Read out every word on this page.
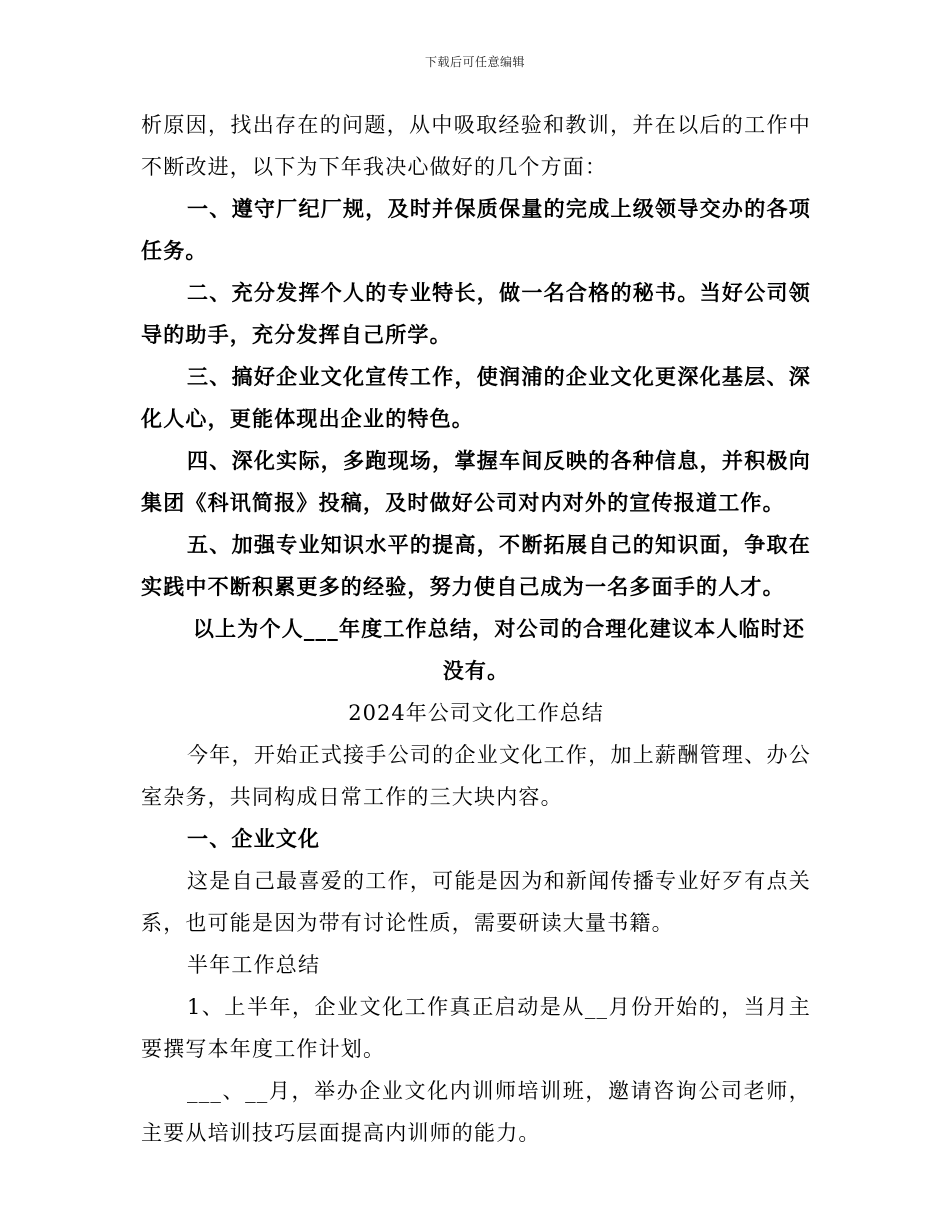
下载后可任意编辑

析原因，找出存在的问题，从中吸取经验和教训，并在以后的工作中不断改进，以下为下年我决心做好的几个方面：

一、遵守厂纪厂规，及时并保质保量的完成上级领导交办的各项任务。

二、充分发挥个人的专业特长，做一名合格的秘书。当好公司领导的助手，充分发挥自己所学。

三、搞好企业文化宣传工作，使润浦的企业文化更深化基层、深化人心，更能体现出企业的特色。

四、深化实际，多跑现场，掌握车间反映的各种信息，并积极向集团《科讯简报》投稿，及时做好公司对内对外的宣传报道工作。

五、加强专业知识水平的提高，不断拓展自己的知识面，争取在实践中不断积累更多的经验，努力使自己成为一名多面手的人才。

以上为个人___年度工作总结，对公司的合理化建议本人临时还没有。

2024年公司文化工作总结

今年，开始正式接手公司的企业文化工作，加上薪酬管理、办公室杂务，共同构成日常工作的三大块内容。

一、企业文化

这是自己最喜爱的工作，可能是因为和新闻传播专业好歹有点关系，也可能是因为带有讨论性质，需要研读大量书籍。

半年工作总结

1、上半年，企业文化工作真正启动是从__月份开始的，当月主要撰写本年度工作计划。

___、__月，举办企业文化内训师培训班，邀请咨询公司老师，主要从培训技巧层面提高内训师的能力。
